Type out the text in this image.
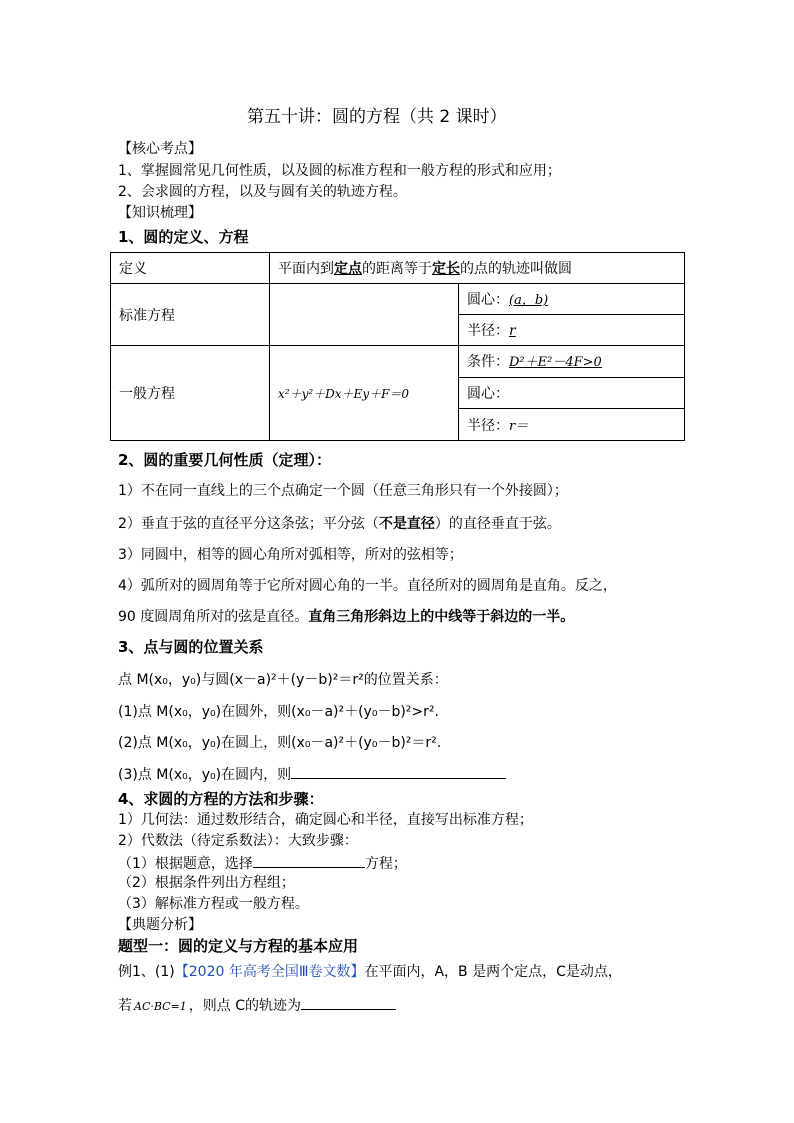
第五十讲：圆的方程（共 2 课时）
【核心考点】
1、掌握圆常见几何性质，以及圆的标准方程和一般方程的形式和应用；
2、会求圆的方程，以及与圆有关的轨迹方程。
【知识梳理】
1、圆的定义、方程
定义	平面内到定点的距离等于定长的点的轨迹叫做圆	
标准方程		圆心：(a，b)
		半径：r
一般方程	x²＋y²＋Dx＋Ey＋F＝0	条件：D²＋E²－4F>0
		圆心：
		半径：r＝
2、圆的重要几何性质（定理）：
1）不在同一直线上的三个点确定一个圆（任意三角形只有一个外接圆）；
2）垂直于弦的直径平分这条弦；平分弦（不是直径）的直径垂直于弦。
3）同圆中，相等的圆心角所对弧相等，所对的弦相等；
4）弧所对的圆周角等于它所对圆心角的一半。直径所对的圆周角是直角。反之，
90 度圆周角所对的弦是直径。直角三角形斜边上的中线等于斜边的一半。
3、点与圆的位置关系
点 M(x₀，y₀)与圆(x－a)²＋(y－b)²＝r²的位置关系：
(1)点 M(x₀，y₀)在圆外，则(x₀－a)²＋(y₀－b)²>r².
(2)点 M(x₀，y₀)在圆上，则(x₀－a)²＋(y₀－b)²＝r².
(3)点 M(x₀，y₀)在圆内，则
4、求圆的方程的方法和步骤：
1）几何法：通过数形结合，确定圆心和半径，直接写出标准方程；
2）代数法（待定系数法）：大致步骤：
（1）根据题意，选择	方程；
（2）根据条件列出方程组；
（3）解标准方程或一般方程。
【典题分析】
题型一：圆的定义与方程的基本应用
例1、(1)【2020 年高考全国Ⅲ卷文数】在平面内，A，B 是两个定点，C是动点，
若 AC·BC=1 ，则点 C的轨迹为
